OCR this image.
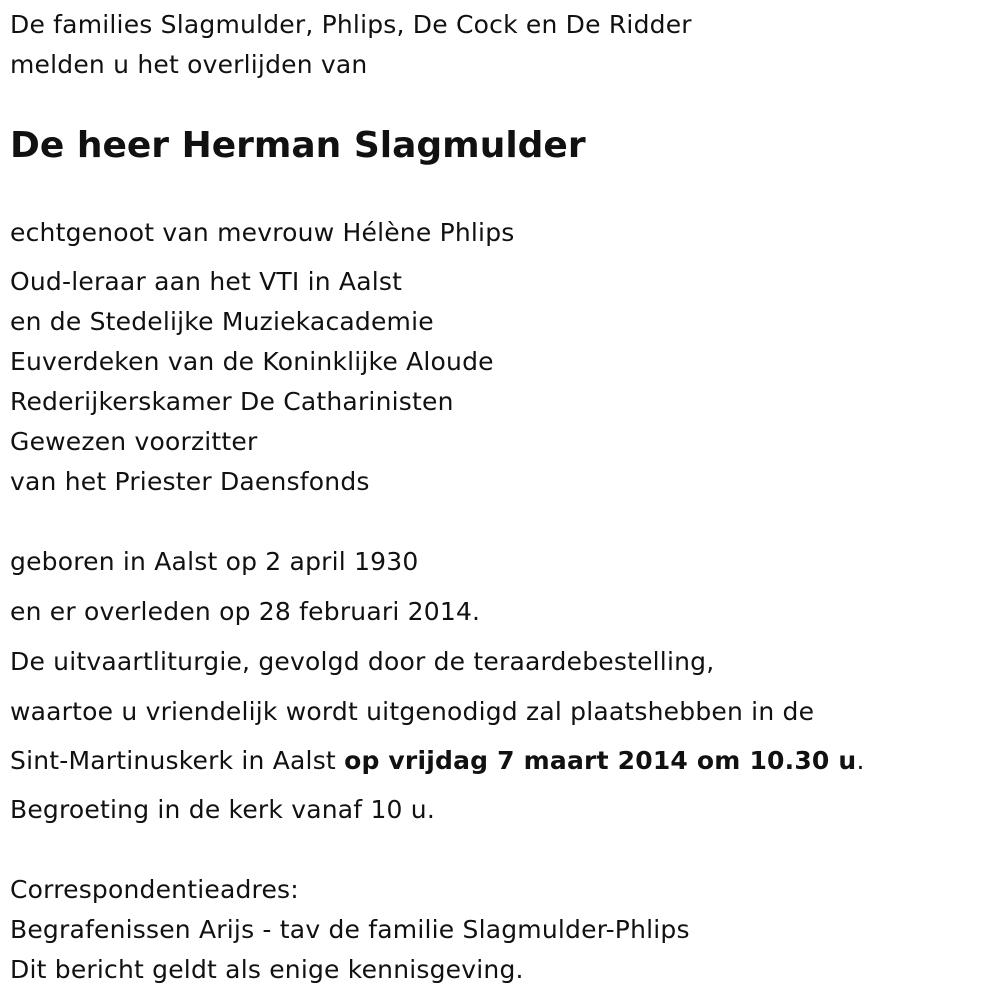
De families Slagmulder, Phlips, De Cock en De Ridder
melden u het overlijden van
De heer Herman Slagmulder
echtgenoot van mevrouw Hélène Phlips
Oud-leraar aan het VTI in Aalst
en de Stedelijke Muziekacademie
Euverdeken van de Koninklijke Aloude
Rederijkerskamer De Catharinisten
Gewezen voorzitter
van het Priester Daensfonds
geboren in Aalst op 2 april 1930
en er overleden op 28 februari 2014.
De uitvaartliturgie, gevolgd door de teraardebestelling,
waartoe u vriendelijk wordt uitgenodigd zal plaatshebben in de
Sint-Martinuskerk in Aalst op vrijdag 7 maart 2014 om 10.30 u.
Begroeting in de kerk vanaf 10 u.
Correspondentieadres:
Begrafenissen Arijs - tav de familie Slagmulder-Phlips
Dit bericht geldt als enige kennisgeving.
